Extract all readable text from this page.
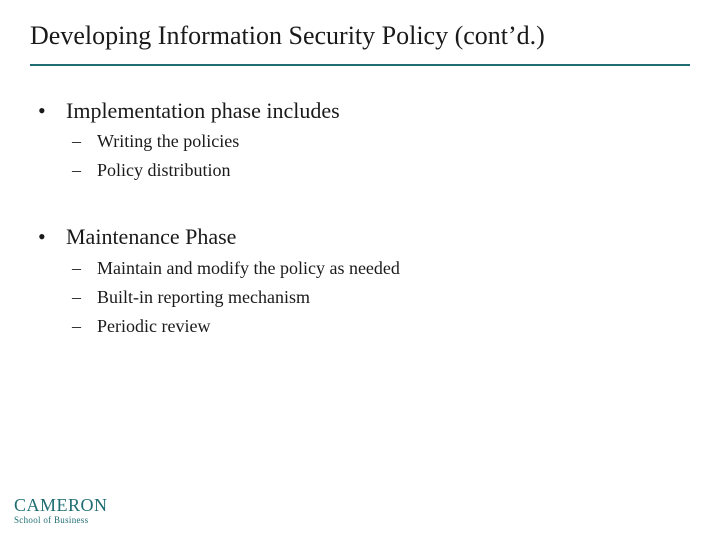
Developing Information Security Policy (cont’d.)
• Implementation phase includes
– Writing the policies
– Policy distribution
• Maintenance Phase
– Maintain and modify the policy as needed
– Built-in reporting mechanism
– Periodic review
CAMERON
School of Business
